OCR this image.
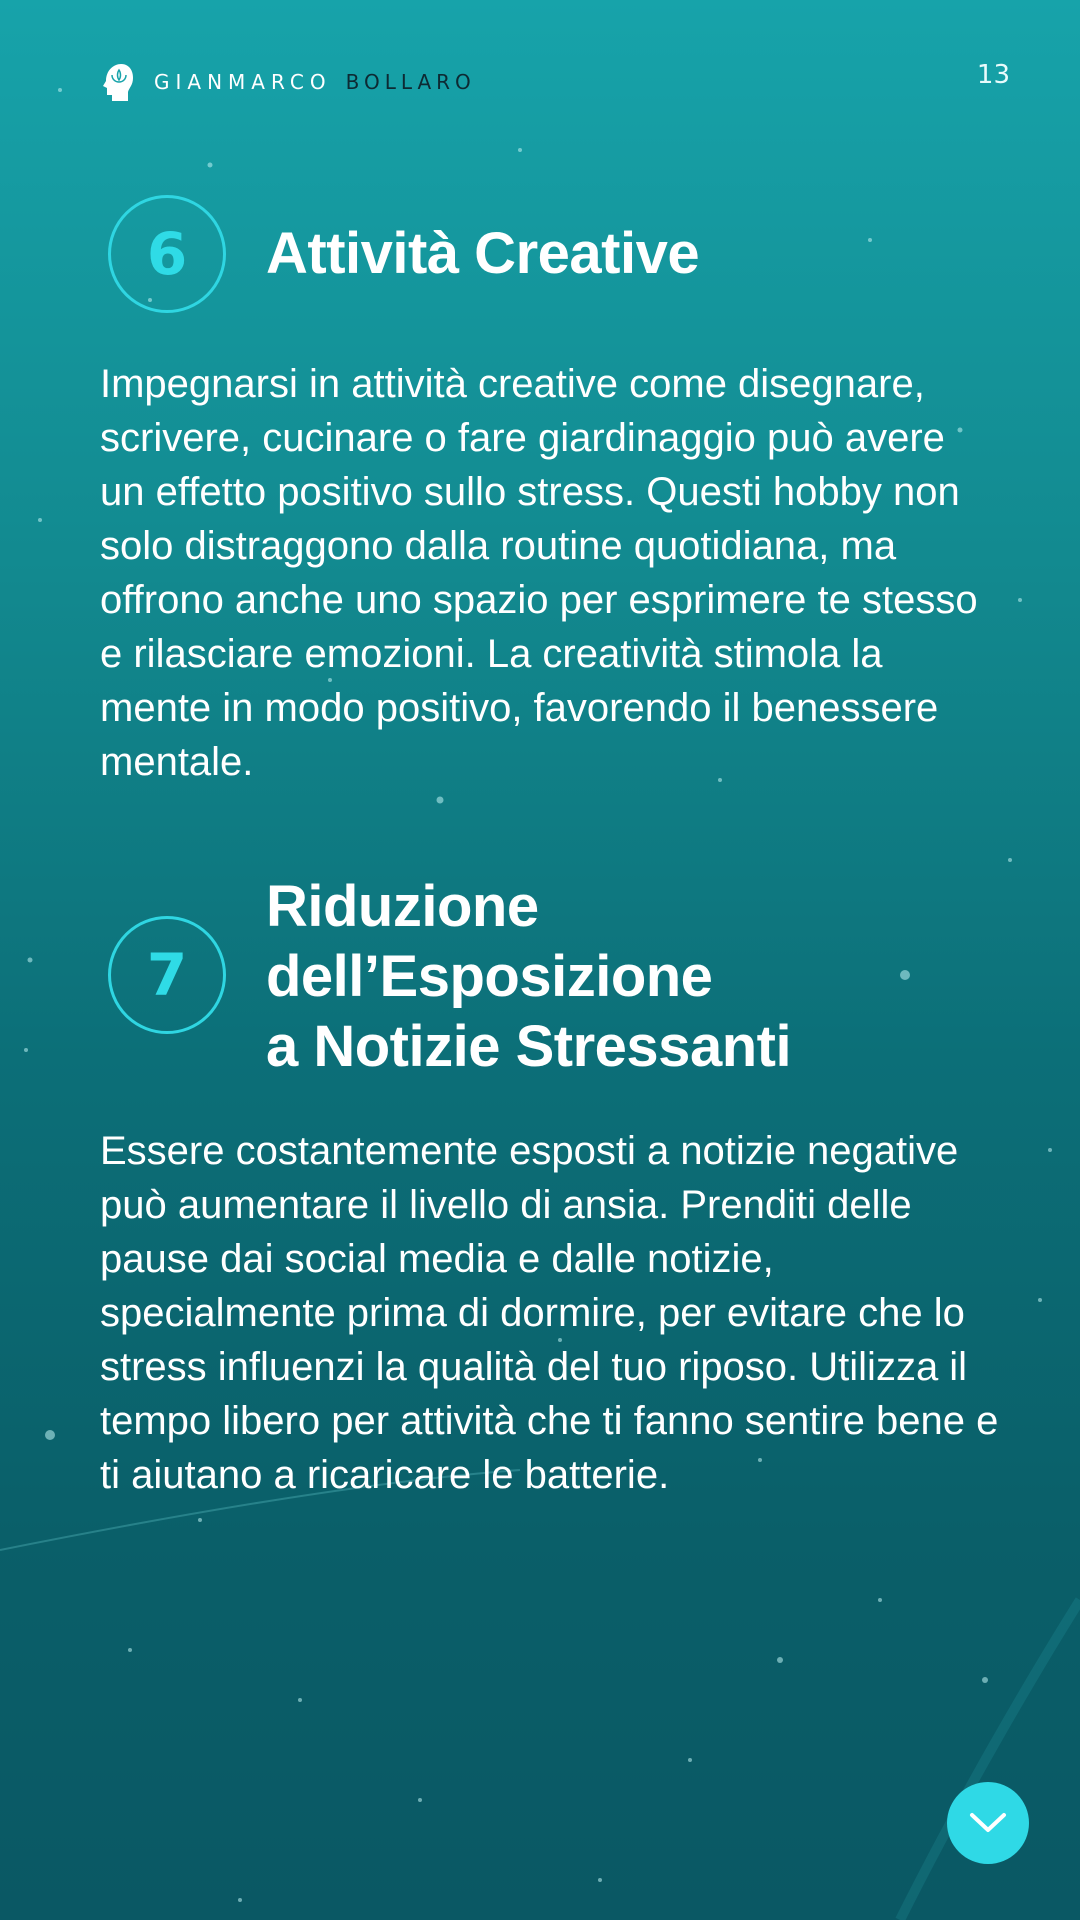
GIANMARCO BOLLARO	13
6	Attività Creative

Impegnarsi in attività creative come disegnare, scrivere, cucinare o fare giardinaggio può avere un effetto positivo sullo stress. Questi hobby non solo distraggono dalla routine quotidiana, ma offrono anche uno spazio per esprimere te stesso e rilasciare emozioni. La creatività stimola la mente in modo positivo, favorendo il benessere mentale.

7
Riduzione
dell’Esposizione
a Notizie Stressanti

Essere costantemente esposti a notizie negative può aumentare il livello di ansia. Prenditi delle pause dai social media e dalle notizie, specialmente prima di dormire, per evitare che lo stress influenzi la qualità del tuo riposo. Utilizza il tempo libero per attività che ti fanno sentire bene e ti aiutano a ricaricare le batterie.
